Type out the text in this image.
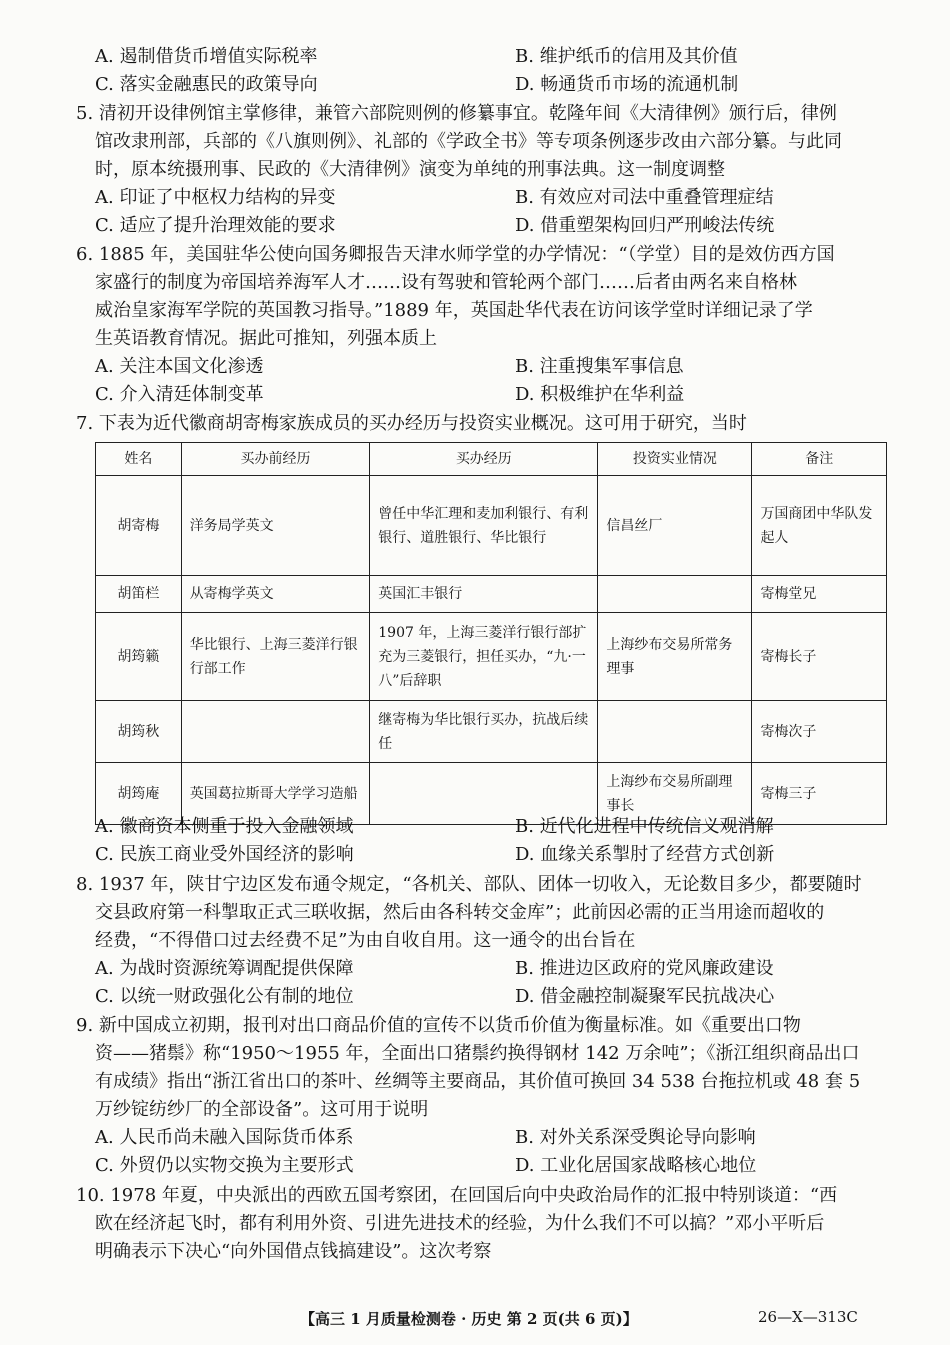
A. 遏制借货币增值实际税率	B. 维护纸币的信用及其价值
C. 落实金融惠民的政策导向	D. 畅通货币市场的流通机制
5. 清初开设律例馆主掌修律，兼管六部院则例的修纂事宜。乾隆年间《大清律例》颁行后，律例
馆改隶刑部，兵部的《八旗则例》、礼部的《学政全书》等专项条例逐步改由六部分纂。与此同
时，原本统摄刑事、民政的《大清律例》演变为单纯的刑事法典。这一制度调整
A. 印证了中枢权力结构的异变	B. 有效应对司法中重叠管理症结
C. 适应了提升治理效能的要求	D. 借重塑架构回归严刑峻法传统
6. 1885 年，美国驻华公使向国务卿报告天津水师学堂的办学情况：“（学堂）目的是效仿西方国
家盛行的制度为帝国培养海军人才……设有驾驶和管轮两个部门……后者由两名来自格林
威治皇家海军学院的英国教习指导。”1889 年，英国赴华代表在访问该学堂时详细记录了学
生英语教育情况。据此可推知，列强本质上
A. 关注本国文化渗透	B. 注重搜集军事信息
C. 介入清廷体制变革	D. 积极维护在华利益
7. 下表为近代徽商胡寄梅家族成员的买办经历与投资实业概况。这可用于研究，当时
姓名	买办前经历	买办经历	投资实业情况	备注
胡寄梅	洋务局学英文	曾任中华汇理和麦加利银行、有利银行、道胜银行、华比银行	信昌丝厂	万国商团中华队发起人
胡笛栏	从寄梅学英文	英国汇丰银行		寄梅堂兄
胡筠籁	华比银行、上海三菱洋行银行部工作	1907 年，上海三菱洋行银行部扩充为三菱银行，担任买办，“九·一八”后辞职	上海纱布交易所常务理事	寄梅长子
胡筠秋		继寄梅为华比银行买办，抗战后续任		寄梅次子
胡筠庵	英国葛拉斯哥大学学习造船		上海纱布交易所副理事长	寄梅三子
A. 徽商资本侧重于投入金融领域	B. 近代化进程中传统信义观消解
C. 民族工商业受外国经济的影响	D. 血缘关系掣肘了经营方式创新
8. 1937 年，陕甘宁边区发布通令规定，“各机关、部队、团体一切收入，无论数目多少，都要随时
交县政府第一科掣取正式三联收据，然后由各科转交金库”；此前因必需的正当用途而超收的
经费，“不得借口过去经费不足”为由自收自用。这一通令的出台旨在
A. 为战时资源统筹调配提供保障	B. 推进边区政府的党风廉政建设
C. 以统一财政强化公有制的地位	D. 借金融控制凝聚军民抗战决心
9. 新中国成立初期，报刊对出口商品价值的宣传不以货币价值为衡量标准。如《重要出口物
资——猪鬃》称“1950～1955 年，全面出口猪鬃约换得钢材 142 万余吨”；《浙江组织商品出口
有成绩》指出“浙江省出口的茶叶、丝绸等主要商品，其价值可换回 34 538 台拖拉机或 48 套 5
万纱锭纺纱厂的全部设备”。这可用于说明
A. 人民币尚未融入国际货币体系	B. 对外关系深受舆论导向影响
C. 外贸仍以实物交换为主要形式	D. 工业化居国家战略核心地位
10. 1978 年夏，中央派出的西欧五国考察团，在回国后向中央政治局作的汇报中特别谈道：“西
欧在经济起飞时，都有利用外资、引进先进技术的经验，为什么我们不可以搞？”邓小平听后
明确表示下决心“向外国借点钱搞建设”。这次考察
【高三 1 月质量检测卷 · 历史 第 2 页(共 6 页)】	26—X—313C
